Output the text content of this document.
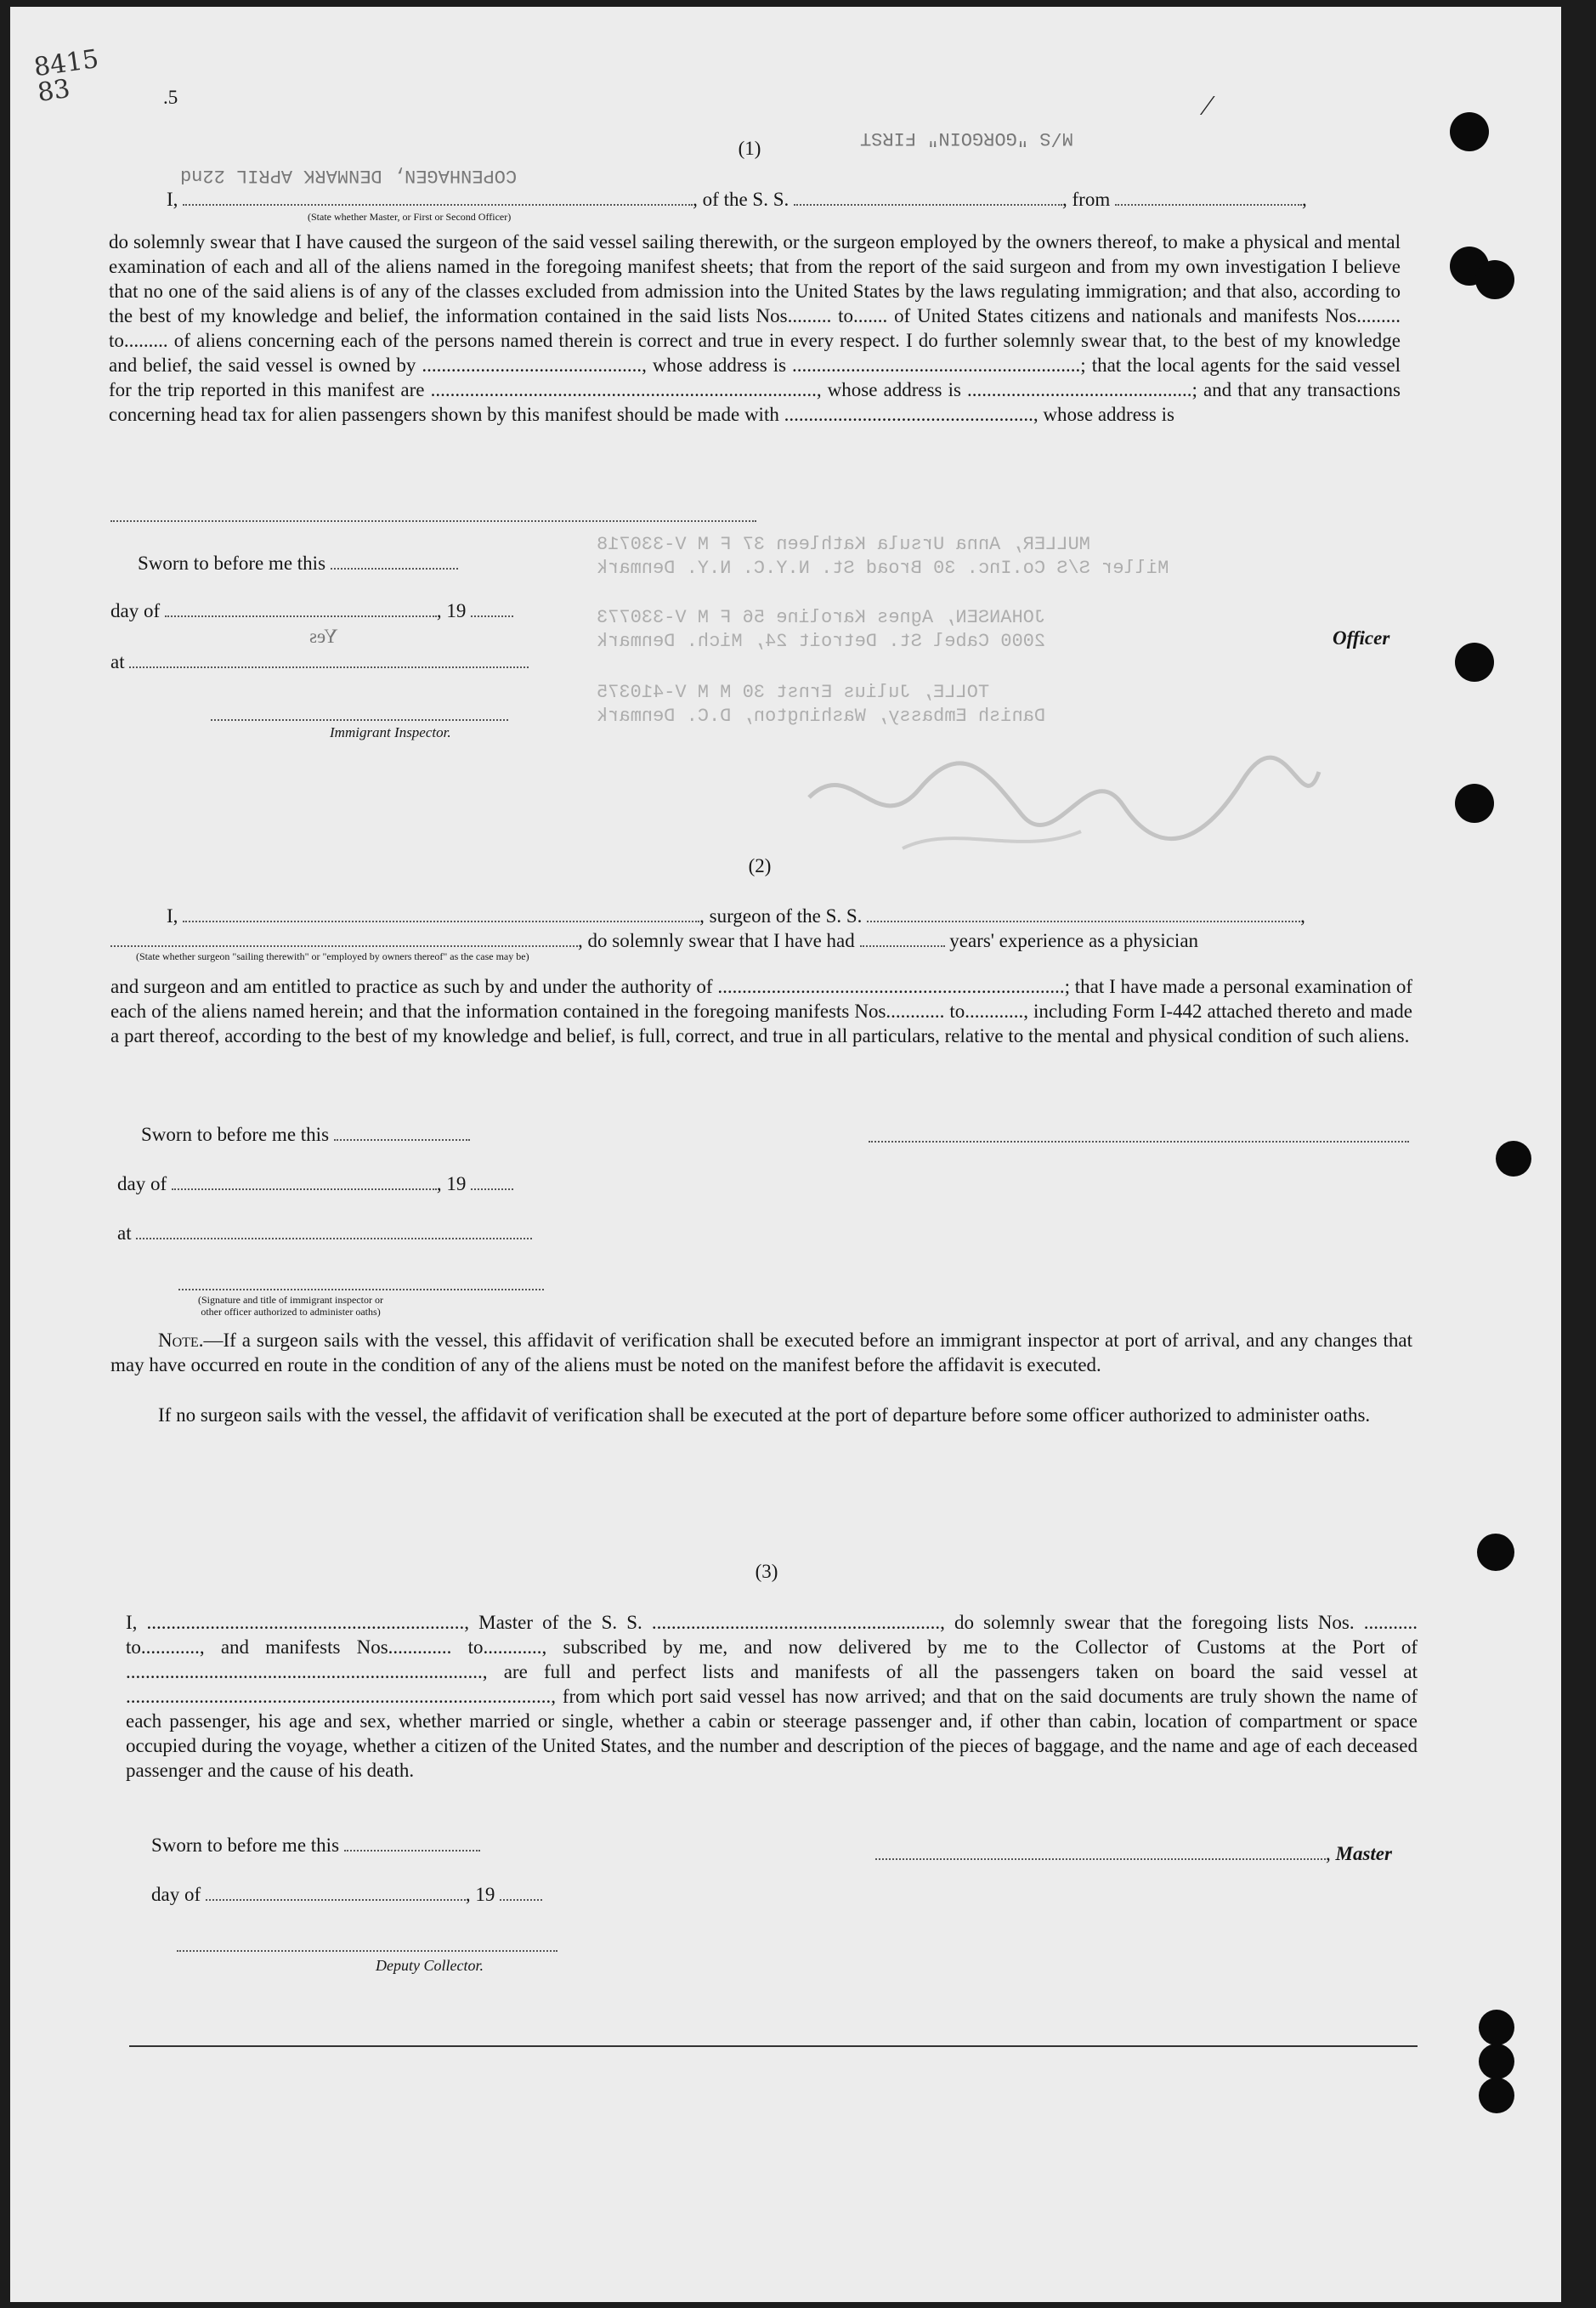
8415
83	.5	⁄
COPENHAGEN, DENMARK APRIL 22nd
M/S "GORGOIN" FIRST
(1)
I,	, of the S. S.	, from	,
(State whether Master, or First or Second Officer)
do solemnly swear that I have caused the surgeon of the said vessel sailing therewith, or the surgeon employed by the owners thereof, to make a physical and mental examination of each and all of the aliens named in the foregoing manifest sheets; that from the report of the said surgeon and from my own investigation I believe that no one of the said aliens is of any of the classes excluded from admission into the United States by the laws regulating immigration; and that also, according to the best of my knowledge and belief, the information contained in the said lists Nos......... to....... of United States citizens and nationals and manifests Nos......... to......... of aliens concerning each of the persons named therein is correct and true in every respect. I do further solemnly swear that, to the best of my knowledge and belief, the said vessel is owned by ............................................., whose address is ...........................................................; that the local agents for the said vessel for the trip reported in this manifest are ..............................................................................., whose address is ..............................................; and that any transactions concerning head tax for alien passengers shown by this manifest should be made with ..................................................., whose address is
Sworn to before me this
day of	, 19
Yes
at
Officer
Immigrant Inspector.
MULLER, Anna Ursula Kathleen 37 F M V-330718
Miller S/S Co.Inc. 30 Broad St. N.Y.C. N.Y. Denmark
JOHANSEN, Agnes Karoline 56 F M V-330773
2000 Cabel St. Detroit 24, Mich. Denmark
TOLLE, Julius Ernst 30 M M V-410375
Danish Embassy, Washington, D.C. Denmark
(2)
I,	, surgeon of the S. S.	,
, do solemnly swear that I have had	years' experience as a physician
(State whether surgeon "sailing therewith" or "employed by owners thereof" as the case may be)
and surgeon and am entitled to practice as such by and under the authority of .......................................................................; that I have made a personal examination of each of the aliens named herein; and that the information contained in the foregoing manifests Nos............ to............, including Form I-442 attached thereto and made a part thereof, according to the best of my knowledge and belief, is full, correct, and true in all particulars, relative to the mental and physical condition of such aliens.
Sworn to before me this
day of	, 19
at
(Signature and title of immigrant inspector or other officer authorized to administer oaths)
Note.—If a surgeon sails with the vessel, this affidavit of verification shall be executed before an immigrant inspector at port of arrival, and any changes that may have occurred en route in the condition of any of the aliens must be noted on the manifest before the affidavit is executed.
If no surgeon sails with the vessel, the affidavit of verification shall be executed at the port of departure before some officer authorized to administer oaths.
(3)
I, ................................................................., Master of the S. S. ..........................................................., do solemnly swear that the foregoing lists Nos. ........... to............, and manifests Nos............. to............, subscribed by me, and now delivered by me to the Collector of Customs at the Port of ........................................................................., are full and perfect lists and manifests of all the passengers taken on board the said vessel at ......................................................................................., from which port said vessel has now arrived; and that on the said documents are truly shown the name of each passenger, his age and sex, whether married or single, whether a cabin or steerage passenger and, if other than cabin, location of compartment or space occupied during the voyage, whether a citizen of the United States, and the number and description of the pieces of baggage, and the name and age of each deceased passenger and the cause of his death.
Sworn to before me this	, Master
day of	, 19
Deputy Collector.
